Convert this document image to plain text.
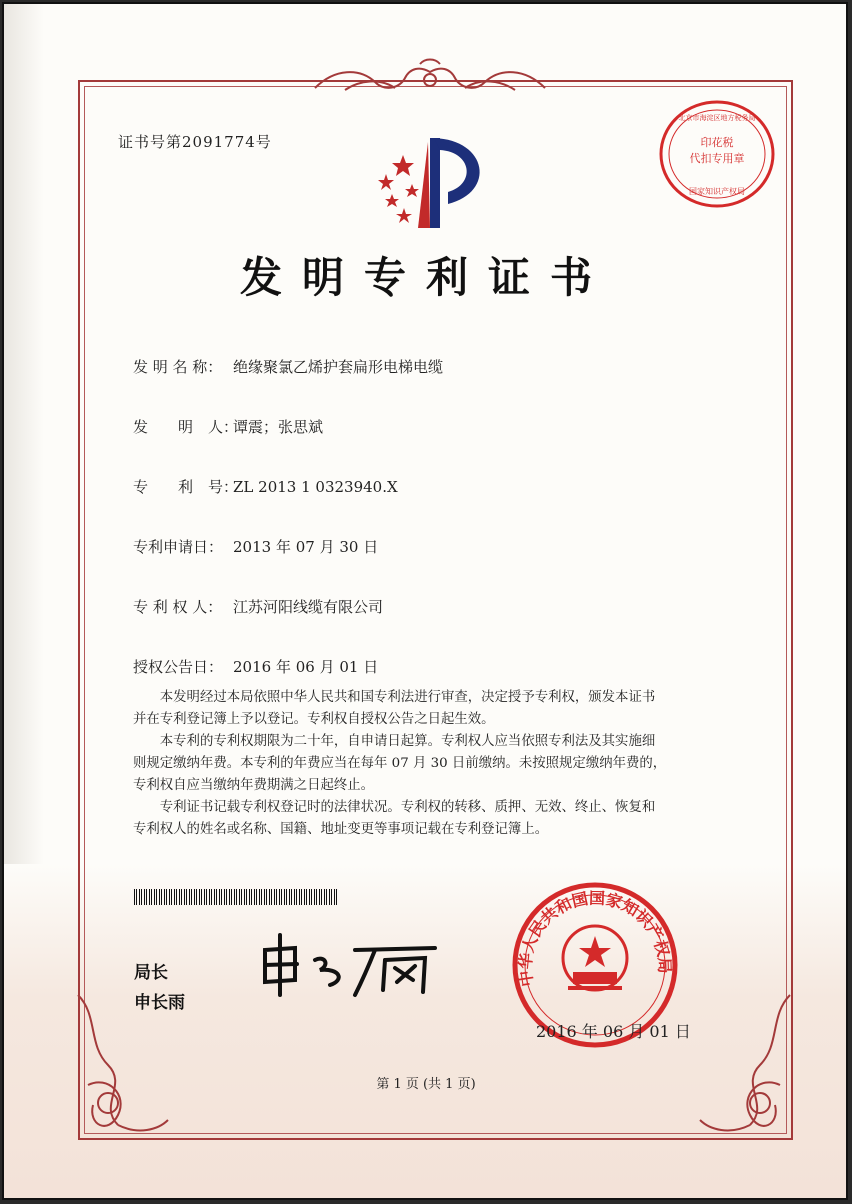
印花税
代扣专用章
北京市海淀区地方税务局
国家知识产权局
证书号第2091774号
发明专利证书
发 明 名 称： 绝缘聚氯乙烯护套扁形电梯电缆
发　　明　人：谭震；张思斌
专　　利　号：ZL 2013 1 0323940.X
专利申请日： 2013 年 07 月 30 日
专 利 权 人： 江苏河阳线缆有限公司
授权公告日： 2016 年 06 月 01 日
　　本发明经过本局依照中华人民共和国专利法进行审查，决定授予专利权，颁发本证书
并在专利登记簿上予以登记。专利权自授权公告之日起生效。
　　本专利的专利权期限为二十年，自申请日起算。专利权人应当依照专利法及其实施细
则规定缴纳年费。本专利的年费应当在每年 07 月 30 日前缴纳。未按照规定缴纳年费的，
专利权自应当缴纳年费期满之日起终止。
　　专利证书记载专利权登记时的法律状况。专利权的转移、质押、无效、终止、恢复和
专利权人的姓名或名称、国籍、地址变更等事项记载在专利登记簿上。
局长
申长雨
中华人民共和国国家知识产权局
2016 年 06 月 01 日
第 1 页 (共 1 页)
